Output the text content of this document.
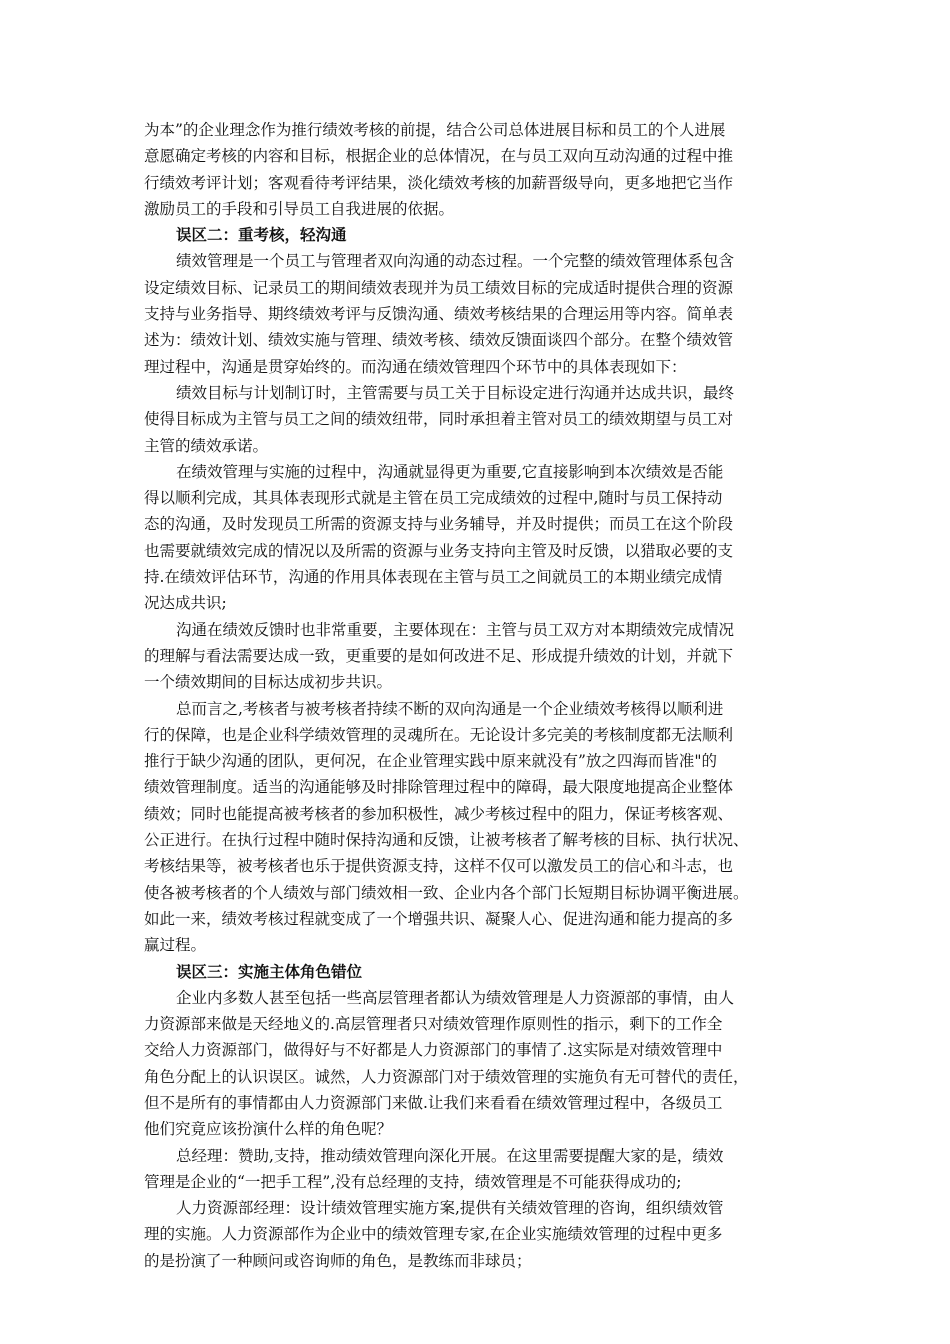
为本”的企业理念作为推行绩效考核的前提，结合公司总体进展目标和员工的个人进展
意愿确定考核的内容和目标，根据企业的总体情况，在与员工双向互动沟通的过程中推
行绩效考评计划；客观看待考评结果，淡化绩效考核的加薪晋级导向，更多地把它当作
激励员工的手段和引导员工自我进展的依据。
误区二：重考核，轻沟通
绩效管理是一个员工与管理者双向沟通的动态过程。一个完整的绩效管理体系包含
设定绩效目标、记录员工的期间绩效表现并为员工绩效目标的完成适时提供合理的资源
支持与业务指导、期终绩效考评与反馈沟通、绩效考核结果的合理运用等内容。简单表
述为：绩效计划、绩效实施与管理、绩效考核、绩效反馈面谈四个部分。在整个绩效管
理过程中，沟通是贯穿始终的。而沟通在绩效管理四个环节中的具体表现如下：
绩效目标与计划制订时，主管需要与员工关于目标设定进行沟通并达成共识，最终
使得目标成为主管与员工之间的绩效纽带，同时承担着主管对员工的绩效期望与员工对
主管的绩效承诺。
在绩效管理与实施的过程中，沟通就显得更为重要,它直接影响到本次绩效是否能
得以顺利完成，其具体表现形式就是主管在员工完成绩效的过程中,随时与员工保持动
态的沟通，及时发现员工所需的资源支持与业务辅导，并及时提供；而员工在这个阶段
也需要就绩效完成的情况以及所需的资源与业务支持向主管及时反馈，以猎取必要的支
持.在绩效评估环节，沟通的作用具体表现在主管与员工之间就员工的本期业绩完成情
况达成共识;
沟通在绩效反馈时也非常重要，主要体现在：主管与员工双方对本期绩效完成情况
的理解与看法需要达成一致，更重要的是如何改进不足、形成提升绩效的计划，并就下
一个绩效期间的目标达成初步共识。
总而言之,考核者与被考核者持续不断的双向沟通是一个企业绩效考核得以顺利进
行的保障，也是企业科学绩效管理的灵魂所在。无论设计多完美的考核制度都无法顺利
推行于缺少沟通的团队，更何况，在企业管理实践中原来就没有”放之四海而皆准"的
绩效管理制度。适当的沟通能够及时排除管理过程中的障碍，最大限度地提高企业整体
绩效；同时也能提高被考核者的参加积极性，减少考核过程中的阻力，保证考核客观、
公正进行。在执行过程中随时保持沟通和反馈，让被考核者了解考核的目标、执行状况、
考核结果等，被考核者也乐于提供资源支持，这样不仅可以激发员工的信心和斗志，也
使各被考核者的个人绩效与部门绩效相一致、企业内各个部门长短期目标协调平衡进展。
如此一来，绩效考核过程就变成了一个增强共识、凝聚人心、促进沟通和能力提高的多
赢过程。
误区三：实施主体角色错位
企业内多数人甚至包括一些高层管理者都认为绩效管理是人力资源部的事情，由人
力资源部来做是天经地义的.高层管理者只对绩效管理作原则性的指示，剩下的工作全
交给人力资源部门，做得好与不好都是人力资源部门的事情了.这实际是对绩效管理中
角色分配上的认识误区。诚然，人力资源部门对于绩效管理的实施负有无可替代的责任，
但不是所有的事情都由人力资源部门来做.让我们来看看在绩效管理过程中，各级员工
他们究竟应该扮演什么样的角色呢？
总经理：赞助,支持，推动绩效管理向深化开展。在这里需要提醒大家的是，绩效
管理是企业的“一把手工程”,没有总经理的支持，绩效管理是不可能获得成功的;
人力资源部经理：设计绩效管理实施方案,提供有关绩效管理的咨询，组织绩效管
理的实施。人力资源部作为企业中的绩效管理专家,在企业实施绩效管理的过程中更多
的是扮演了一种顾问或咨询师的角色，是教练而非球员；
